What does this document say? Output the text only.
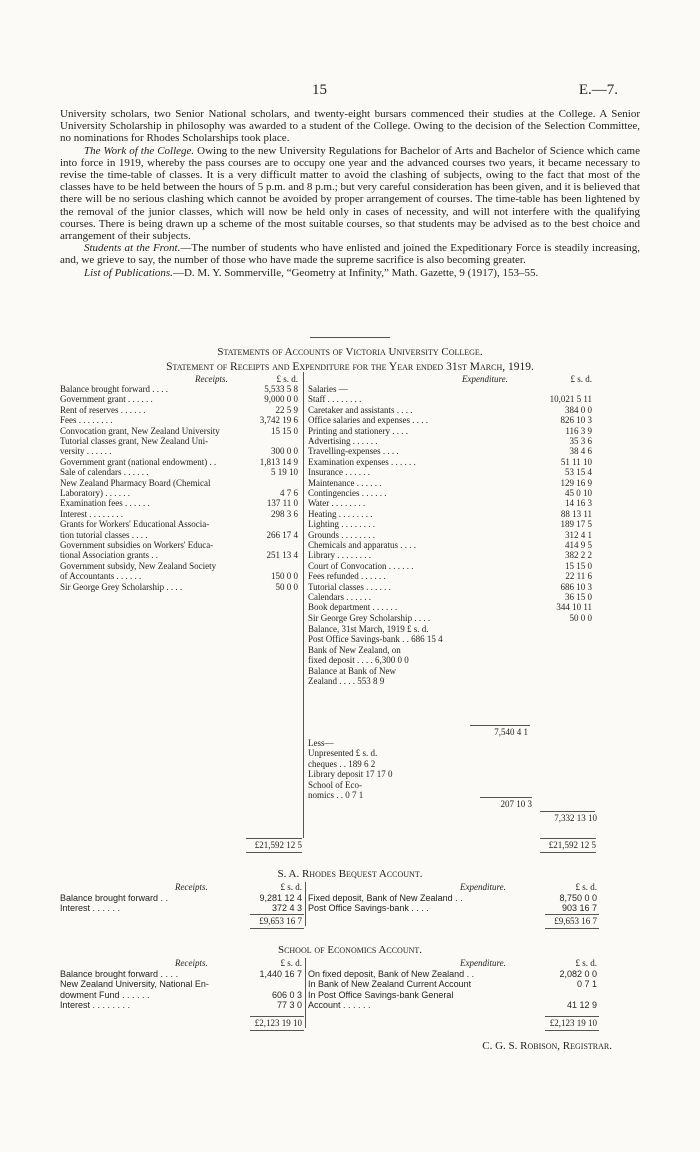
15	E.—7.

University scholars, two Senior National scholars, and twenty-eight bursars commenced their studies at the College. A Senior University Scholarship in philosophy was awarded to a student of the College. Owing to the decision of the Selection Committee, no nominations for Rhodes Scholarships took place.

The Work of the College. Owing to the new University Regulations for Bachelor of Arts and Bachelor of Science which came into force in 1919, whereby the pass courses are to occupy one year and the advanced courses two years, it became necessary to revise the time-table of classes. It is a very difficult matter to avoid the clashing of subjects, owing to the fact that most of the classes have to be held between the hours of 5 p.m. and 8 p.m.; but very careful consideration has been given, and it is believed that there will be no serious clashing which cannot be avoided by proper arrangement of courses. The time-table has been lightened by the removal of the junior classes, which will now be held only in cases of necessity, and will not interfere with the qualifying courses. There is being drawn up a scheme of the most suitable courses, so that students may be advised as to the best choice and arrangement of their subjects.

Students at the Front.—The number of students who have enlisted and joined the Expeditionary Force is steadily increasing, and, we grieve to say, the number of those who have made the supreme sacrifice is also becoming greater.

List of Publications.—D. M. Y. Sommerville, “Geometry at Infinity,” Math. Gazette, 9 (1917), 153–55.

Statements of Accounts of Victoria University College.
Statement of Receipts and Expenditure for the Year ended 31st March, 1919.
Receipts.	£ s. d.	Expenditure.	£ s. d.
Balance brought forward . . . .	5,533 5 8
Government grant . . . . . .	9,000 0 0
Rent of reserves . . . . . .	22 5 9
Fees . . . . . . . .	3,742 19 6
Convocation grant, New Zealand University	15 15 0
Tutorial classes grant, New Zealand Uni-
versity . . . . . .	300 0 0
Government grant (national endowment) . .	1,813 14 9
Sale of calendars . . . . . .	5 19 10
New Zealand Pharmacy Board (Chemical
Laboratory) . . . . . .	4 7 6
Examination fees . . . . . .	137 11 0
Interest . . . . . . . .	298 3 6
Grants for Workers' Educational Associa-
tion tutorial classes . . . .	266 17 4
Government subsidies on Workers' Educa-
tional Association grants . .	251 13 4
Government subsidy, New Zealand Society
of Accountants . . . . . .	150 0 0
Sir George Grey Scholarship . . . .	50 0 0
Salaries —
Staff . . . . . . . .	10,021 5 11
Caretaker and assistants . . . .	384 0 0
Office salaries and expenses . . . .	826 10 3
Printing and stationery . . . .	116 3 9
Advertising . . . . . .	35 3 6
Travelling-expenses . . . .	38 4 6
Examination expenses . . . . . .	51 11 10
Insurance . . . . . .	53 15 4
Maintenance . . . . . .	129 16 9
Contingencies . . . . . .	45 0 10
Water . . . . . . . .	14 16 3
Heating . . . . . . . .	88 13 11
Lighting . . . . . . . .	189 17 5
Grounds . . . . . . . .	312 4 1
Chemicals and apparatus . . . .	414 9 5
Library . . . . . . . .	382 2 2
Court of Convocation . . . . . .	15 15 0
Fees refunded . . . . . .	22 11 6
Tutorial classes . . . . . .	686 10 3
Calendars . . . . . .	36 15 0
Book department . . . . . .	344 10 11
Sir George Grey Scholarship . . . .	50 0 0
Balance, 31st March, 1919 £ s. d.
Post Office Savings-bank . . 686 15 4
Bank of New Zealand, on
fixed deposit . . . . 6,300 0 0
Balance at Bank of New
Zealand . . . . 553 8 9
7,540 4 1
Less—
Unpresented £ s. d.
cheques . . 189 6 2
Library deposit 17 17 0
School of Eco-
nomics . . 0 7 1
207 10 3
7,332 13 10
£21,592 12 5	£21,592 12 5
S. A. Rhodes Bequest Account.
Receipts.	£ s. d.	Expenditure.	£ s. d.
Balance brought forward . .	9,281 12 4
Interest . . . . . .	372 4 3
Fixed deposit, Bank of New Zealand . .	8,750 0 0
Post Office Savings-bank . . . .	903 16 7
£9,653 16 7	£9,653 16 7
School of Economics Account.
Receipts.	£ s. d.	Expenditure.	£ s. d.
Balance brought forward . . . .	1,440 16 7
New Zealand University, National En-
dowment Fund . . . . . .	606 0 3
Interest . . . . . . . .	77 3 0
On fixed deposit, Bank of New Zealand . .	2,082 0 0
In Bank of New Zealand Current Account	0 7 1
In Post Office Savings-bank General
Account . . . . . .	41 12 9
£2,123 19 10	£2,123 19 10
C. G. S. Robison, Registrar.
